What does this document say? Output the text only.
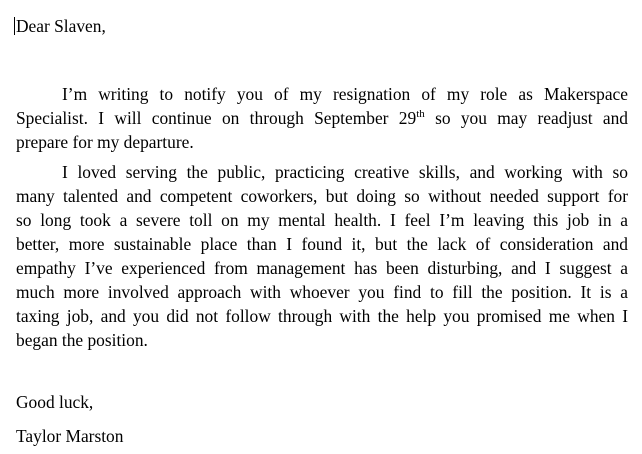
Dear Slaven,

I’m writing to notify you of my resignation of my role as Makerspace
Specialist. I will continue on through September 29th so you may readjust and
prepare for my departure.
I loved serving the public, practicing creative skills, and working with so
many talented and competent coworkers, but doing so without needed support for
so long took a severe toll on my mental health. I feel I’m leaving this job in a
better, more sustainable place than I found it, but the lack of consideration and
empathy I’ve experienced from management has been disturbing, and I suggest a
much more involved approach with whoever you find to fill the position. It is a
taxing job, and you did not follow through with the help you promised me when I
began the position.

Good luck,

Taylor Marston
